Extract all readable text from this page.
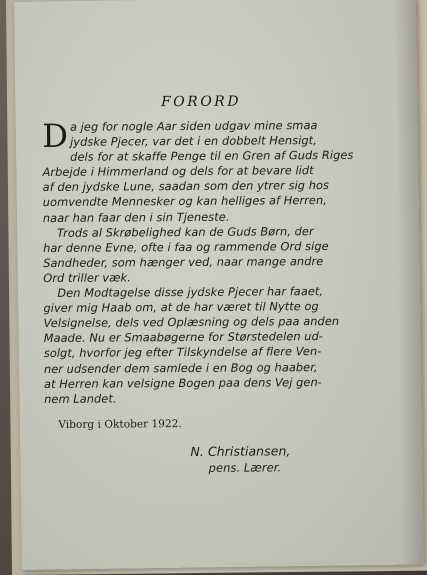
FORORD
D a jeg for nogle Aar siden udgav mine smaa
jydske Pjecer, var det i en dobbelt Hensigt,
dels for at skaffe Penge til en Gren af Guds Riges
Arbejde i Himmerland og dels for at bevare lidt
af den jydske Lune, saadan som den ytrer sig hos
uomvendte Mennesker og kan helliges af Herren,
naar han faar den i sin Tjeneste.
Trods al Skrøbelighed kan de Guds Børn, der
har denne Evne, ofte i faa og rammende Ord sige
Sandheder, som hænger ved, naar mange andre
Ord triller væk.
Den Modtagelse disse jydske Pjecer har faaet,
giver mig Haab om, at de har været til Nytte og
Velsignelse, dels ved Oplæsning og dels paa anden
Maade. Nu er Smaabøgerne for Størstedelen ud-
solgt, hvorfor jeg efter Tilskyndelse af flere Ven-
ner udsender dem samlede i en Bog og haaber,
at Herren kan velsigne Bogen paa dens Vej gen-
nem Landet.
Viborg i Oktober 1922.
N. Christiansen,
pens. Lærer.
